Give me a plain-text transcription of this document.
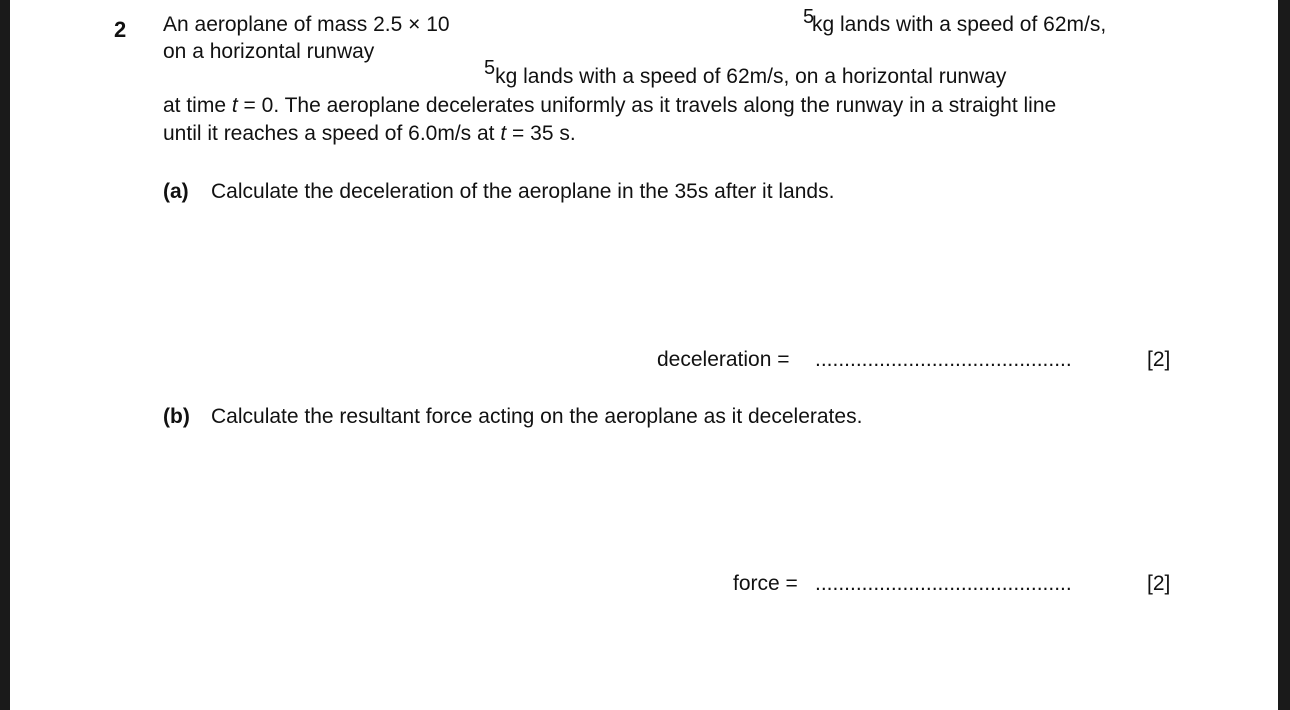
2 An aeroplane of mass 2.5 × 10	5kg lands with a speed of 62m/s,
on a horizontal runway
5kg lands with a speed of 62m/s, on a horizontal runway
at time t = 0. The aeroplane decelerates uniformly as it travels along the runway in a straight line
until it reaches a speed of 6.0m/s at t = 35 s.
(a) Calculate the deceleration of the aeroplane in the 35s after it lands.
deceleration = ............................................	[2]
(b) Calculate the resultant force acting on the aeroplane as it decelerates.
force = ............................................	[2]
